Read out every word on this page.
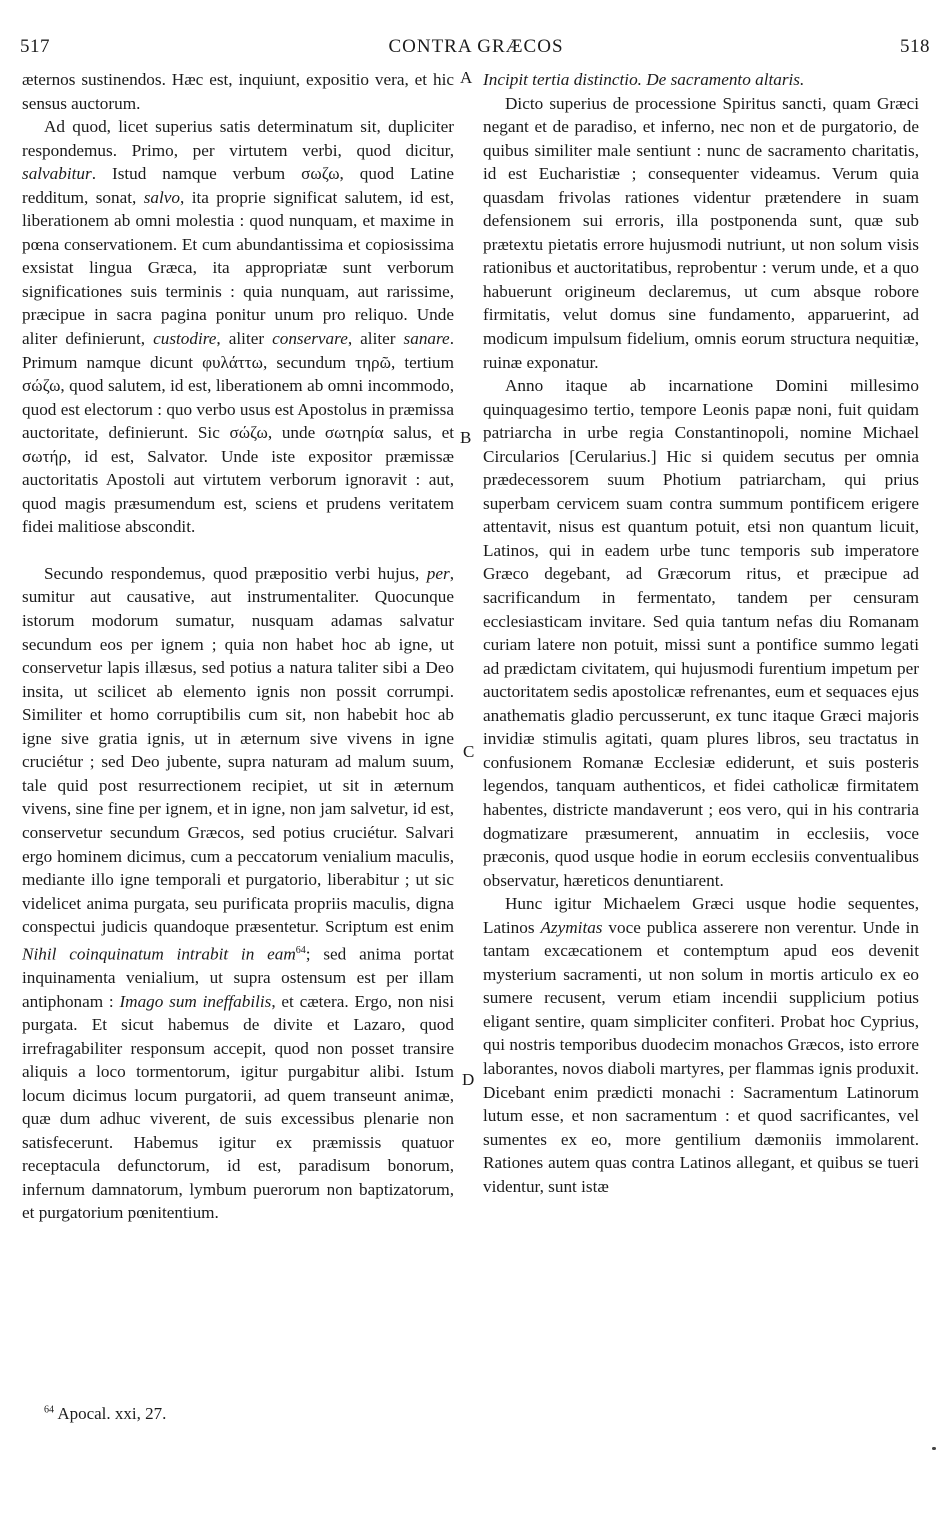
517	CONTRA GRÆCOS	518
A
B
C
D

æternos sustinendos. Hæc est, inquiunt, expositio vera, et hic sensus auctorum.

Ad quod, licet superius satis determinatum sit, dupliciter respondemus. Primo, per virtutem verbi, quod dicitur, salvabitur. Istud namque verbum σωζω, quod Latine redditum, sonat, salvo, ita proprie significat salutem, id est, liberationem ab omni molestia : quod nunquam, et maxime in pœna conservationem. Et cum abundantissima et copiosissima exsistat lingua Græca, ita appropriatæ sunt verborum significationes suis terminis : quia nunquam, aut rarissime, præcipue in sacra pagina ponitur unum pro reliquo. Unde aliter definierunt, custodire, aliter conservare, aliter sanare. Primum namque dicunt φυλάττω, secundum τηρῶ, tertium σώζω, quod salutem, id est, liberationem ab omni incommodo, quod est electorum : quo verbo usus est Apostolus in præmissa auctoritate, definierunt. Sic σώζω, unde σωτηρία salus, et σωτήρ, id est, Salvator. Unde iste expositor præmissæ auctoritatis Apostoli aut virtutem verborum ignoravit : aut, quod magis præsumendum est, sciens et prudens veritatem fidei malitiose abscondit.

Secundo respondemus, quod præpositio verbi hujus, per, sumitur aut causative, aut instrumentaliter. Quocunque istorum modorum sumatur, nusquam adamas salvatur secundum eos per ignem ; quia non habet hoc ab igne, ut conservetur lapis illæsus, sed potius a natura taliter sibi a Deo insita, ut scilicet ab elemento ignis non possit corrumpi. Similiter et homo corruptibilis cum sit, non habebit hoc ab igne sive gratia ignis, ut in æternum sive vivens in igne cruciétur ; sed Deo jubente, supra naturam ad malum suum, tale quid post resurrectionem recipiet, ut sit in æternum vivens, sine fine per ignem, et in igne, non jam salvetur, id est, conservetur secundum Græcos, sed potius cruciétur. Salvari ergo hominem dicimus, cum a peccatorum venialium maculis, mediante illo igne temporali et purgatorio, liberabitur ; ut sic videlicet anima purgata, seu purificata propriis maculis, digna conspectui judicis quandoque præsentetur. Scriptum est enim Nihil coinquinatum intrabit in eam$^{64}$; sed anima portat inquinamenta venialium, ut supra ostensum est per illam antiphonam : Imago sum ineffabilis, et cætera. Ergo, non nisi purgata. Et sicut habemus de divite et Lazaro, quod irrefragabiliter responsum accepit, quod non posset transire aliquis a loco tormentorum, igitur purgabitur alibi. Istum locum dicimus locum purgatorii, ad quem transeunt animæ, quæ dum adhuc viverent, de suis excessibus plenarie non satisfecerunt. Habemus igitur ex præmissis quatuor receptacula defunctorum, id est, paradisum bonorum, infernum damnatorum, lymbum puerorum non baptizatorum, et purgatorium pœnitentium.

Incipit tertia distinctio. De sacramento altaris.

Dicto superius de processione Spiritus sancti, quam Græci negant et de paradiso, et inferno, nec non et de purgatorio, de quibus similiter male sentiunt : nunc de sacramento charitatis, id est Eucharistiæ ; consequenter videamus. Verum quia quasdam frivolas rationes videntur prætendere in suam defensionem sui erroris, illa postponenda sunt, quæ sub prætextu pietatis errore hujusmodi nutriunt, ut non solum visis rationibus et auctoritatibus, reprobentur : verum unde, et a quo habuerunt origineum declaremus, ut cum absque robore firmitatis, velut domus sine fundamento, apparuerint, ad modicum impulsum fidelium, omnis eorum structura nequitiæ, ruinæ exponatur.

Anno itaque ab incarnatione Domini millesimo quinquagesimo tertio, tempore Leonis papæ noni, fuit quidam patriarcha in urbe regia Constantinopoli, nomine Michael Circularios [Cerularius.] Hic si quidem secutus per omnia prædecessorem suum Photium patriarcham, qui prius superbam cervicem suam contra summum pontificem erigere attentavit, nisus est quantum potuit, etsi non quantum licuit, Latinos, qui in eadem urbe tunc temporis sub imperatore Græco degebant, ad Græcorum ritus, et præcipue ad sacrificandum in fermentato, tandem per censuram ecclesiasticam invitare. Sed quia tantum nefas diu Romanam curiam latere non potuit, missi sunt a pontifice summo legati ad prædictam civitatem, qui hujusmodi furentium impetum per auctoritatem sedis apostolicæ refrenantes, eum et sequaces ejus anathematis gladio percusserunt, ex tunc itaque Græci majoris invidiæ stimulis agitati, quam plures libros, seu tractatus in confusionem Romanæ Ecclesiæ ediderunt, et suis posteris legendos, tanquam authenticos, et fidei catholicæ firmitatem habentes, districte mandaverunt ; eos vero, qui in his contraria dogmatizare præsumerent, annuatim in ecclesiis, voce præconis, quod usque hodie in eorum ecclesiis conventualibus observatur, hæreticos denuntiarent.

Hunc igitur Michaelem Græci usque hodie sequentes, Latinos Azymitas voce publica asserere non verentur. Unde in tantam excæcationem et contemptum apud eos devenit mysterium sacramenti, ut non solum in mortis articulo ex eo sumere recusent, verum etiam incendii supplicium potius eligant sentire, quam simpliciter confiteri. Probat hoc Cyprius, qui nostris temporibus duodecim monachos Græcos, isto errore laborantes, novos diaboli martyres, per flammas ignis produxit. Dicebant enim prædicti monachi : Sacramentum Latinorum lutum esse, et non sacramentum : et quod sacrificantes, vel sumentes ex eo, more gentilium dæmoniis immolarent. Rationes autem quas contra Latinos allegant, et quibus se tueri videntur, sunt istæ

$^{64}$ Apocal. xxi, 27.
